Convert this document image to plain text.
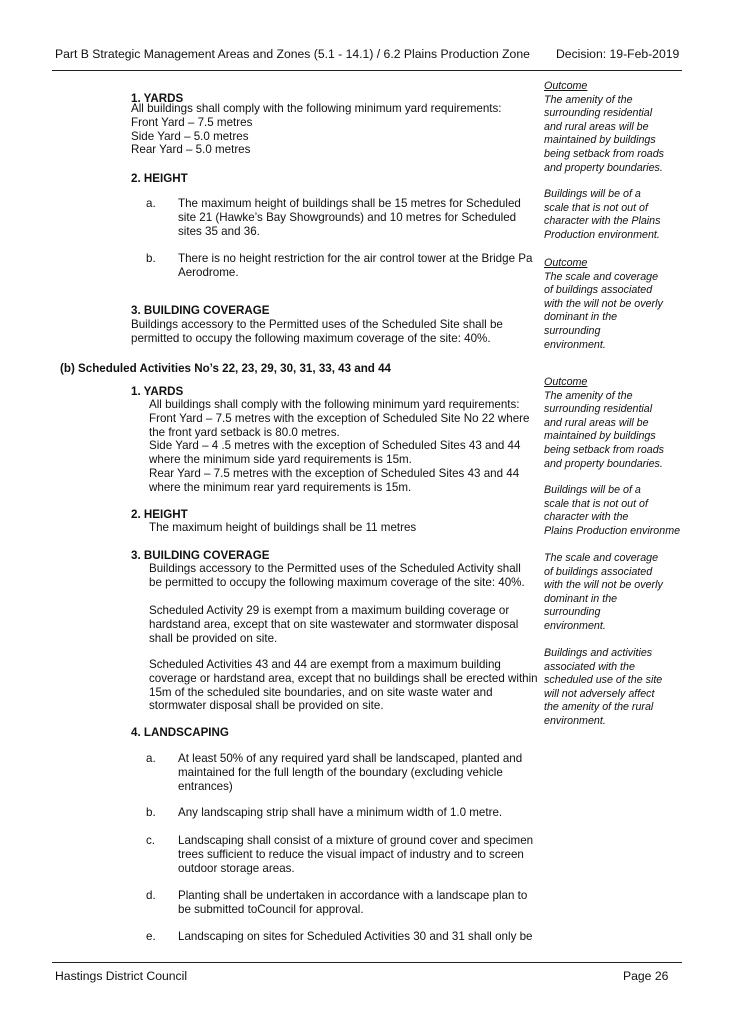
Part B Strategic Management Areas and Zones (5.1 - 14.1) / 6.2 Plains Production Zone Decision: 19-Feb-2019
1. YARDS
All buildings shall comply with the following minimum yard requirements:
Front Yard – 7.5 metres
Side Yard – 5.0 metres
Rear Yard – 5.0 metres
2. HEIGHT
a. The maximum height of buildings shall be 15 metres for Scheduled
site 21 (Hawke’s Bay Showgrounds) and 10 metres for Scheduled
sites 35 and 36.
b. There is no height restriction for the air control tower at the Bridge Pa
Aerodrome.
3. BUILDING COVERAGE
Buildings accessory to the Permitted uses of the Scheduled Site shall be
permitted to occupy the following maximum coverage of the site: 40%.
(b) Scheduled Activities No’s 22, 23, 29, 30, 31, 33, 43 and 44
1. YARDS
All buildings shall comply with the following minimum yard requirements:
Front Yard – 7.5 metres with the exception of Scheduled Site No 22 where
the front yard setback is 80.0 metres.
Side Yard – 4 .5 metres with the exception of Scheduled Sites 43 and 44
where the minimum side yard requirements is 15m.
Rear Yard – 7.5 metres with the exception of Scheduled Sites 43 and 44
where the minimum rear yard requirements is 15m.
2. HEIGHT
The maximum height of buildings shall be 11 metres
3. BUILDING COVERAGE
Buildings accessory to the Permitted uses of the Scheduled Activity shall
be permitted to occupy the following maximum coverage of the site: 40%.
Scheduled Activity 29 is exempt from a maximum building coverage or
hardstand area, except that on site wastewater and stormwater disposal
shall be provided on site.
Scheduled Activities 43 and 44 are exempt from a maximum building
coverage or hardstand area, except that no buildings shall be erected within
15m of the scheduled site boundaries, and on site waste water and
stormwater disposal shall be provided on site.
4. LANDSCAPING
a. At least 50% of any required yard shall be landscaped, planted and
maintained for the full length of the boundary (excluding vehicle
entrances)
b. Any landscaping strip shall have a minimum width of 1.0 metre.
c. Landscaping shall consist of a mixture of ground cover and specimen
trees sufficient to reduce the visual impact of industry and to screen
outdoor storage areas.
d. Planting shall be undertaken in accordance with a landscape plan to
be submitted toCouncil for approval.
e. Landscaping on sites for Scheduled Activities 30 and 31 shall only be
Outcome
The amenity of the
surrounding residential
and rural areas will be
maintained by buildings
being setback from roads
and property boundaries.
Buildings will be of a
scale that is not out of
character with the Plains
Production environment.
Outcome
The scale and coverage
of buildings associated
with the will not be overly
dominant in the
surrounding
environment.
Outcome
The amenity of the
surrounding residential
and rural areas will be
maintained by buildings
being setback from roads
and property boundaries.
Buildings will be of a
scale that is not out of
character with the
Plains Production environme
The scale and coverage
of buildings associated
with the will not be overly
dominant in the
surrounding
environment.
Buildings and activities
associated with the
scheduled use of the site
will not adversely affect
the amenity of the rural
environment.
Hastings District Council	Page 26
